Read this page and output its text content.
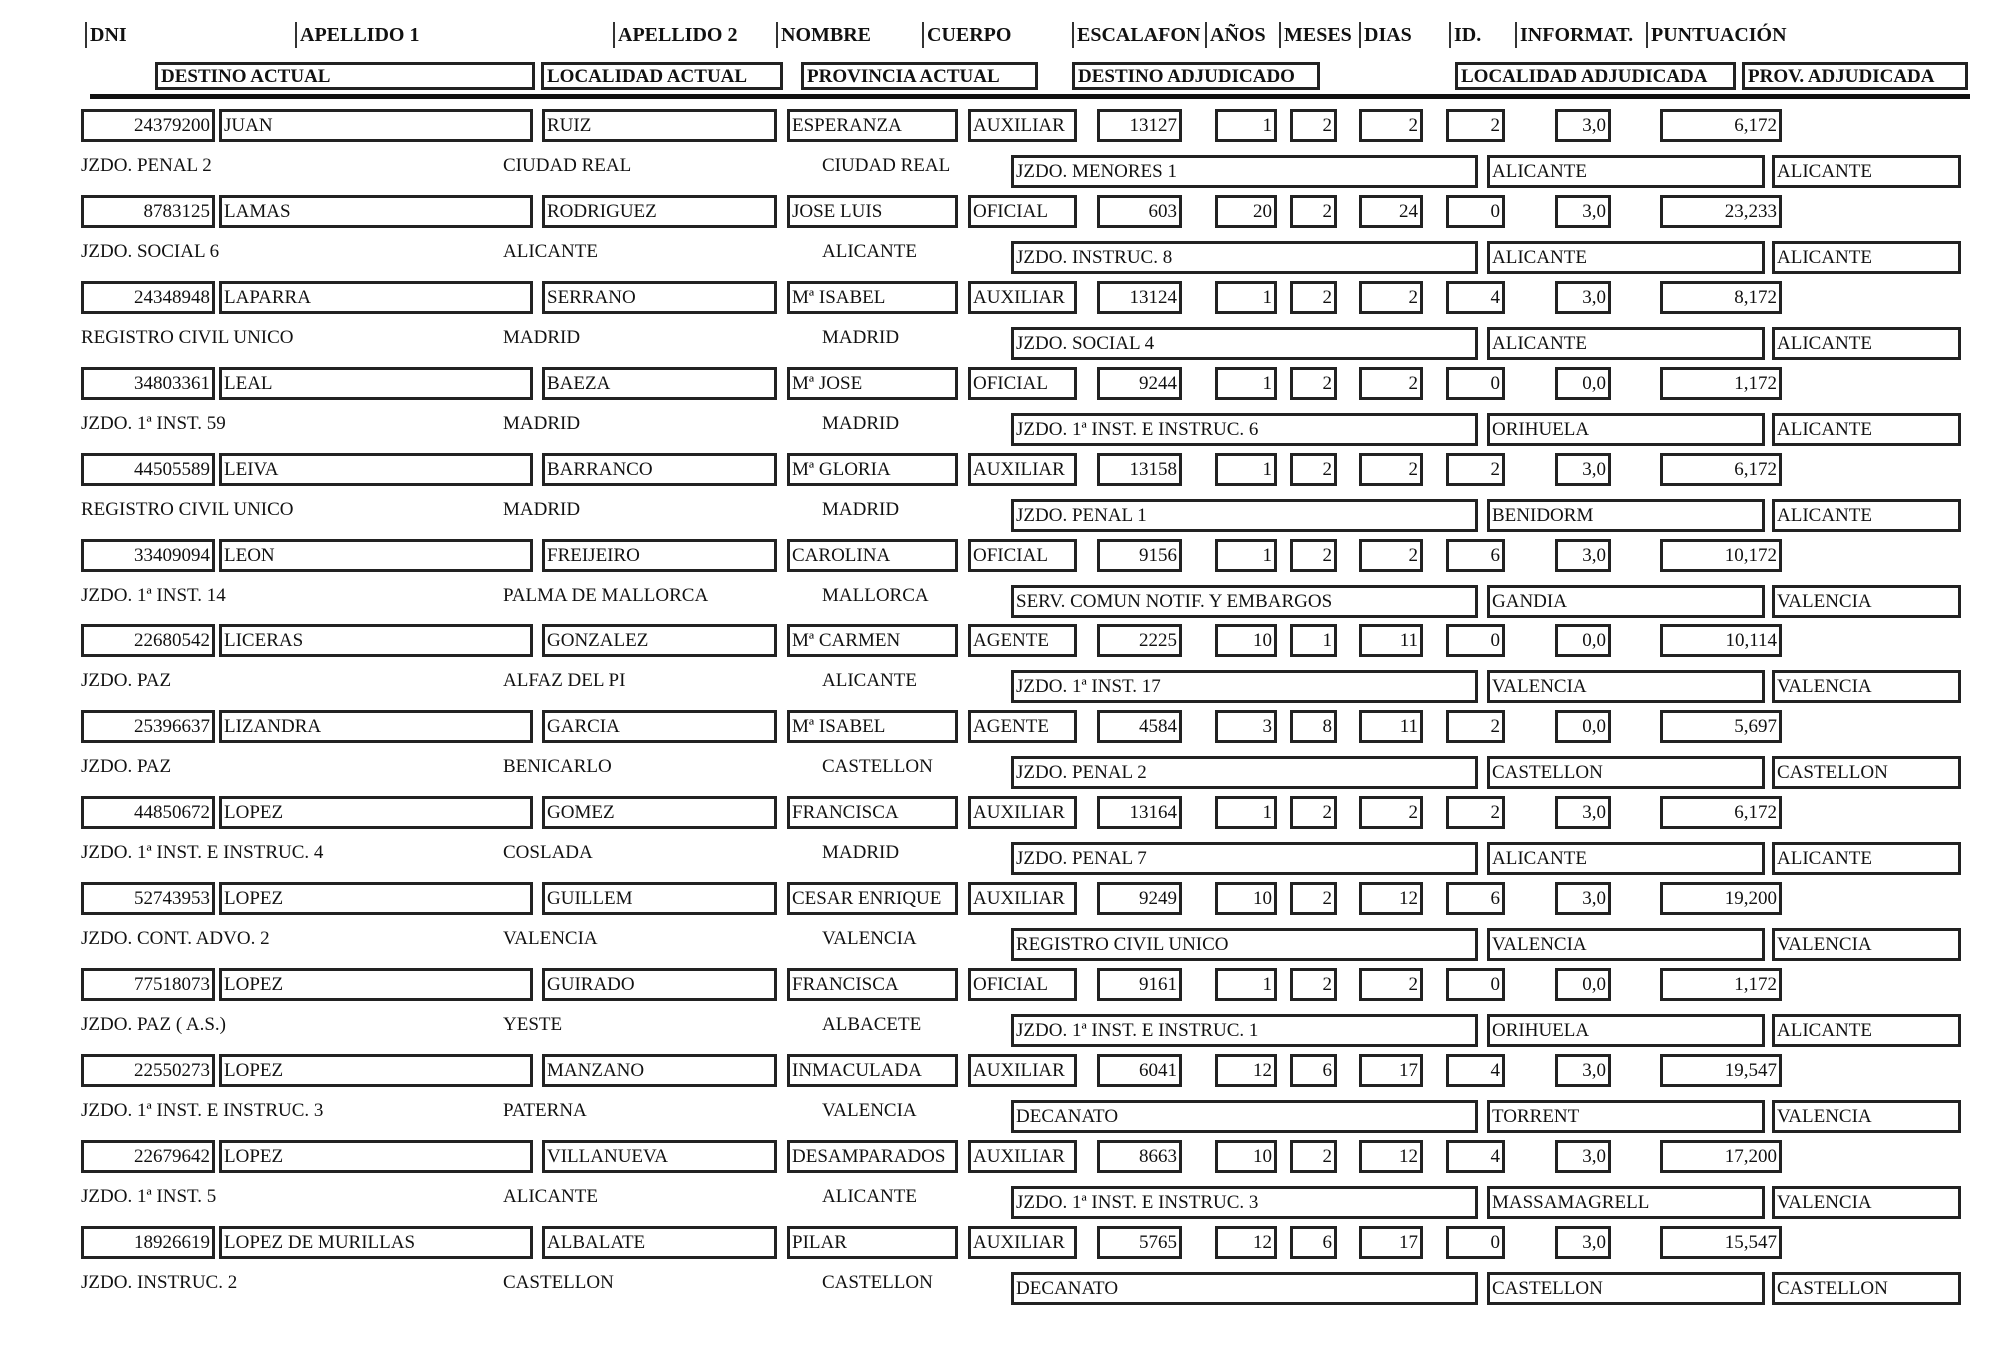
DNI	APELLIDO 1	APELLIDO 2	NOMBRE	CUERPO	ESCALAFON AÑOS MESES DIAS	ID.	INFORMAT. PUNTUACIÓN
DESTINO ACTUAL	LOCALIDAD ACTUAL	PROVINCIA ACTUAL	DESTINO ADJUDICADO	LOCALIDAD ADJUDICADA	PROV. ADJUDICADA
24379200 JUAN	RUIZ	ESPERANZA	AUXILIAR	13127	1	2	2	2	3,0	6,172
JZDO. PENAL 2	CIUDAD REAL	CIUDAD REAL	JZDO. MENORES 1	ALICANTE	ALICANTE
8783125 LAMAS	RODRIGUEZ	JOSE LUIS	OFICIAL	603	20	2	24	0	3,0	23,233
JZDO. SOCIAL 6	ALICANTE	ALICANTE	JZDO. INSTRUC. 8	ALICANTE	ALICANTE
24348948 LAPARRA	SERRANO	Mª ISABEL	AUXILIAR	13124	1	2	2	4	3,0	8,172
REGISTRO CIVIL UNICO	MADRID	MADRID	JZDO. SOCIAL 4	ALICANTE	ALICANTE
34803361 LEAL	BAEZA	Mª JOSE	OFICIAL	9244	1	2	2	0	0,0	1,172
JZDO. 1ª INST. 59	MADRID	MADRID	JZDO. 1ª INST. E INSTRUC. 6	ORIHUELA	ALICANTE
44505589 LEIVA	BARRANCO	Mª GLORIA	AUXILIAR	13158	1	2	2	2	3,0	6,172
REGISTRO CIVIL UNICO	MADRID	MADRID	JZDO. PENAL 1	BENIDORM	ALICANTE
33409094 LEON	FREIJEIRO	CAROLINA	OFICIAL	9156	1	2	2	6	3,0	10,172
JZDO. 1ª INST. 14	PALMA DE MALLORCA	MALLORCA	SERV. COMUN NOTIF. Y EMBARGOS	GANDIA	VALENCIA
22680542 LICERAS	GONZALEZ	Mª CARMEN	AGENTE	2225	10	1	11	0	0,0	10,114
JZDO. PAZ	ALFAZ DEL PI	ALICANTE	JZDO. 1ª INST. 17	VALENCIA	VALENCIA
25396637 LIZANDRA	GARCIA	Mª ISABEL	AGENTE	4584	3	8	11	2	0,0	5,697
JZDO. PAZ	BENICARLO	CASTELLON	JZDO. PENAL 2	CASTELLON	CASTELLON
44850672 LOPEZ	GOMEZ	FRANCISCA	AUXILIAR	13164	1	2	2	2	3,0	6,172
JZDO. 1ª INST. E INSTRUC. 4	COSLADA	MADRID	JZDO. PENAL 7	ALICANTE	ALICANTE
52743953 LOPEZ	GUILLEM	CESAR ENRIQUE	AUXILIAR	9249	10	2	12	6	3,0	19,200
JZDO. CONT. ADVO. 2	VALENCIA	VALENCIA	REGISTRO CIVIL UNICO	VALENCIA	VALENCIA
77518073 LOPEZ	GUIRADO	FRANCISCA	OFICIAL	9161	1	2	2	0	0,0	1,172
JZDO. PAZ ( A.S.)	YESTE	ALBACETE	JZDO. 1ª INST. E INSTRUC. 1	ORIHUELA	ALICANTE
22550273 LOPEZ	MANZANO	INMACULADA	AUXILIAR	6041	12	6	17	4	3,0	19,547
JZDO. 1ª INST. E INSTRUC. 3	PATERNA	VALENCIA	DECANATO	TORRENT	VALENCIA
22679642 LOPEZ	VILLANUEVA	DESAMPARADOS	AUXILIAR	8663	10	2	12	4	3,0	17,200
JZDO. 1ª INST. 5	ALICANTE	ALICANTE	JZDO. 1ª INST. E INSTRUC. 3	MASSAMAGRELL	VALENCIA
18926619 LOPEZ DE MURILLAS	ALBALATE	PILAR	AUXILIAR	5765	12	6	17	0	3,0	15,547
JZDO. INSTRUC. 2	CASTELLON	CASTELLON	DECANATO	CASTELLON	CASTELLON
